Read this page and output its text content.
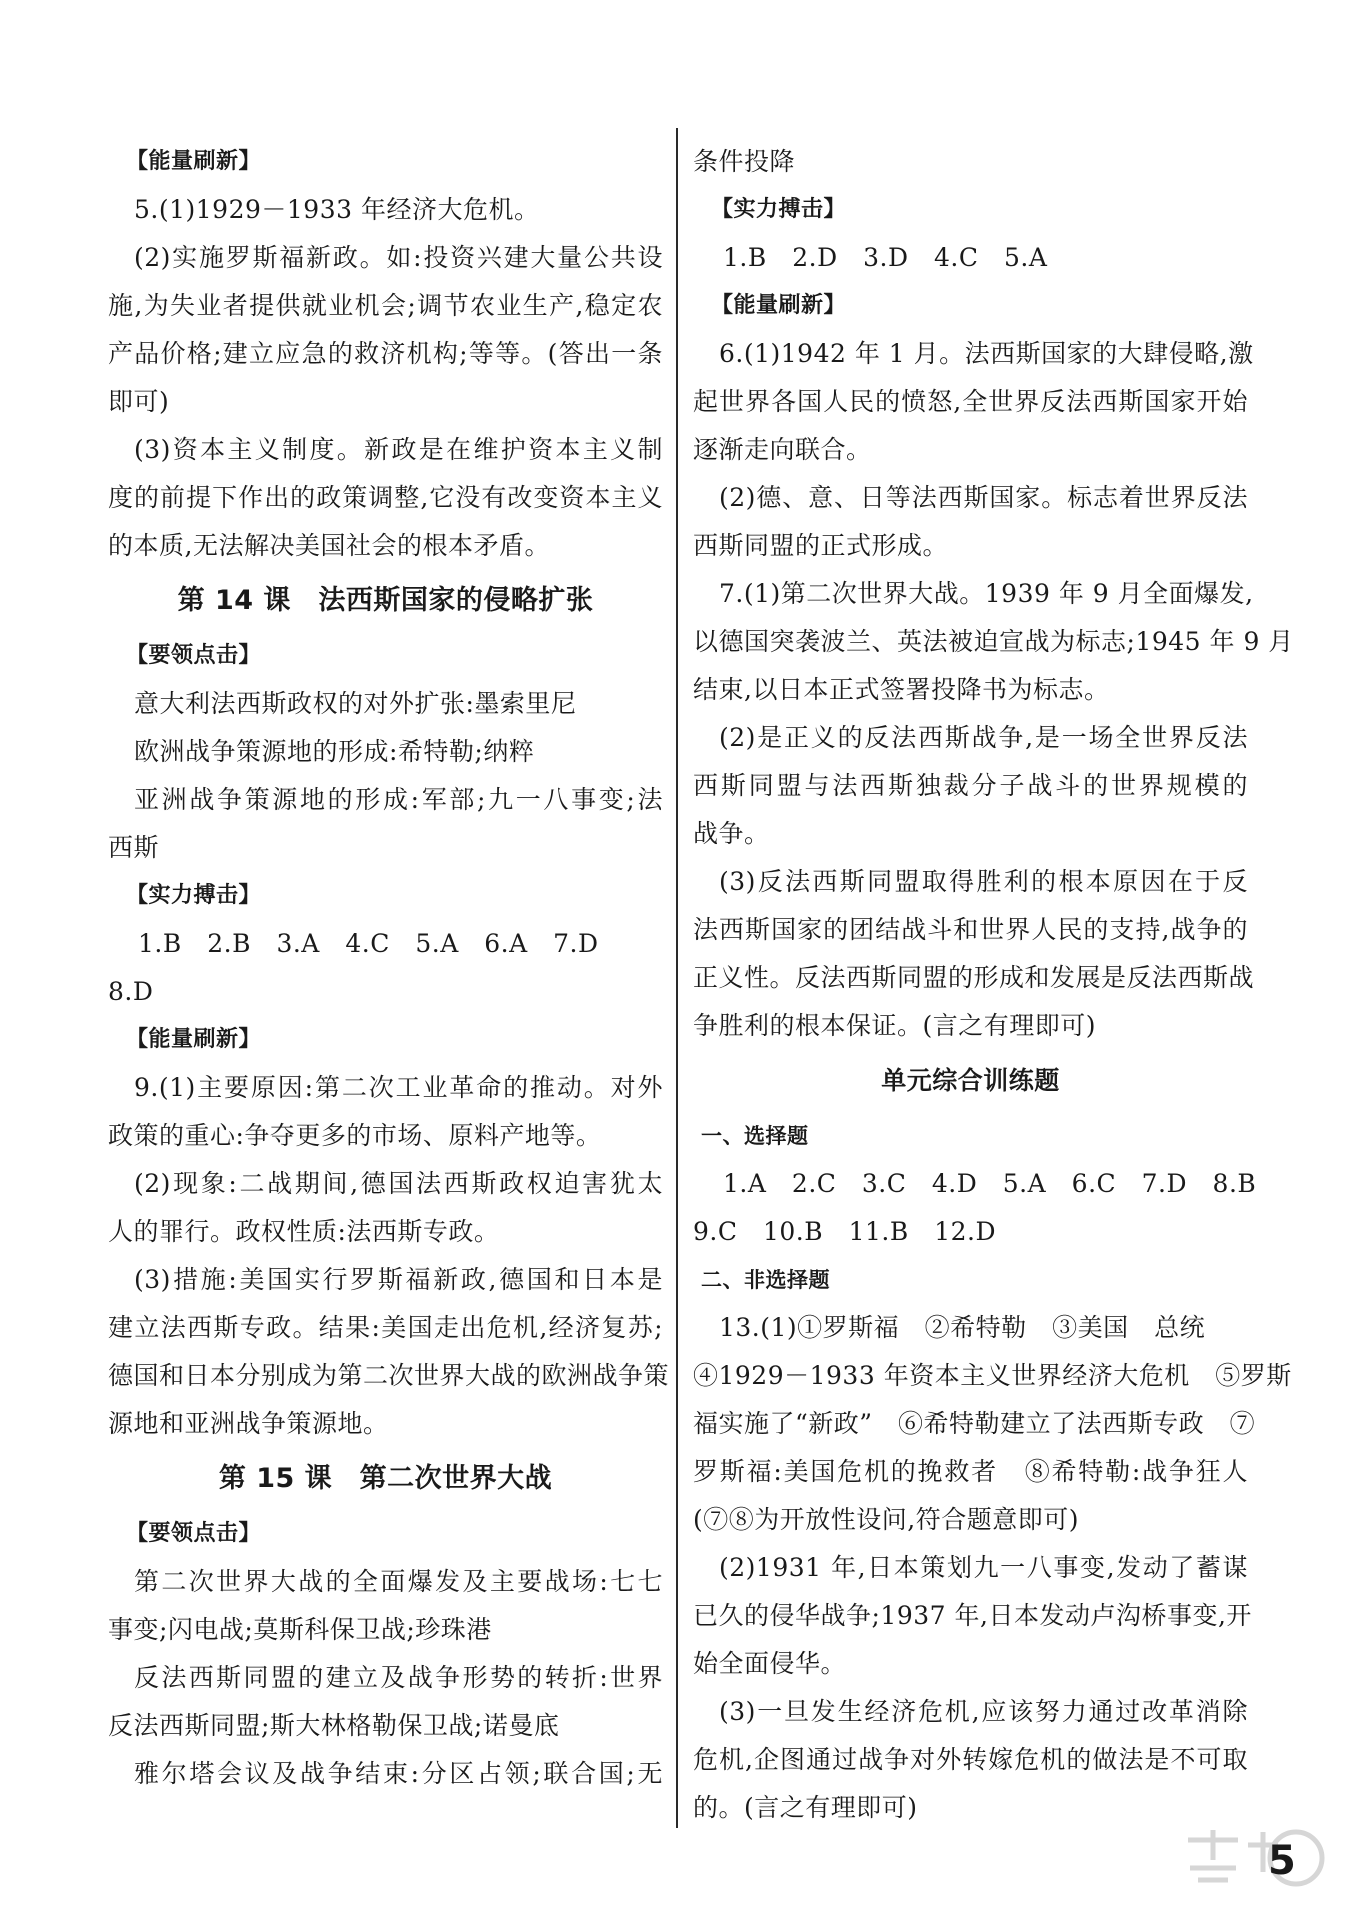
【能量刷新】
5.(1)1929－1933 年经济大危机。
(2)实施罗斯福新政。如:投资兴建大量公共设
施,为失业者提供就业机会;调节农业生产,稳定农
产品价格;建立应急的救济机构;等等。(答出一条
即可)
(3)资本主义制度。新政是在维护资本主义制
度的前提下作出的政策调整,它没有改变资本主义
的本质,无法解决美国社会的根本矛盾。
第 14 课　法西斯国家的侵略扩张
【要领点击】
意大利法西斯政权的对外扩张:墨索里尼
欧洲战争策源地的形成:希特勒;纳粹
亚洲战争策源地的形成:军部;九一八事变;法
西斯
【实力搏击】
1.B　2.B　3.A　4.C　5.A　6.A　7.D
8.D
【能量刷新】
9.(1)主要原因:第二次工业革命的推动。对外
政策的重心:争夺更多的市场、原料产地等。
(2)现象:二战期间,德国法西斯政权迫害犹太
人的罪行。政权性质:法西斯专政。
(3)措施:美国实行罗斯福新政,德国和日本是
建立法西斯专政。结果:美国走出危机,经济复苏;
德国和日本分别成为第二次世界大战的欧洲战争策
源地和亚洲战争策源地。
第 15 课　第二次世界大战
【要领点击】
第二次世界大战的全面爆发及主要战场:七七
事变;闪电战;莫斯科保卫战;珍珠港
反法西斯同盟的建立及战争形势的转折:世界
反法西斯同盟;斯大林格勒保卫战;诺曼底
雅尔塔会议及战争结束:分区占领;联合国;无
条件投降
【实力搏击】
1.B　2.D　3.D　4.C　5.A
【能量刷新】
6.(1)1942 年 1 月。法西斯国家的大肆侵略,激
起世界各国人民的愤怒,全世界反法西斯国家开始
逐渐走向联合。
(2)德、意、日等法西斯国家。标志着世界反法
西斯同盟的正式形成。
7.(1)第二次世界大战。1939 年 9 月全面爆发,
以德国突袭波兰、英法被迫宣战为标志;1945 年 9 月
结束,以日本正式签署投降书为标志。
(2)是正义的反法西斯战争,是一场全世界反法
西斯同盟与法西斯独裁分子战斗的世界规模的
战争。
(3)反法西斯同盟取得胜利的根本原因在于反
法西斯国家的团结战斗和世界人民的支持,战争的
正义性。反法西斯同盟的形成和发展是反法西斯战
争胜利的根本保证。(言之有理即可)
单元综合训练题
一、选择题
1.A　2.C　3.C　4.D　5.A　6.C　7.D　8.B
9.C　10.B　11.B　12.D
二、非选择题
13.(1)①罗斯福　②希特勒　③美国　总统
④1929－1933 年资本主义世界经济大危机　⑤罗斯
福实施了“新政”　⑥希特勒建立了法西斯专政　⑦
罗斯福:美国危机的挽救者　⑧希特勒:战争狂人
(⑦⑧为开放性设问,符合题意即可)
(2)1931 年,日本策划九一八事变,发动了蓄谋
已久的侵华战争;1937 年,日本发动卢沟桥事变,开
始全面侵华。
(3)一旦发生经济危机,应该努力通过改革消除
危机,企图通过战争对外转嫁危机的做法是不可取
的。(言之有理即可)
5
